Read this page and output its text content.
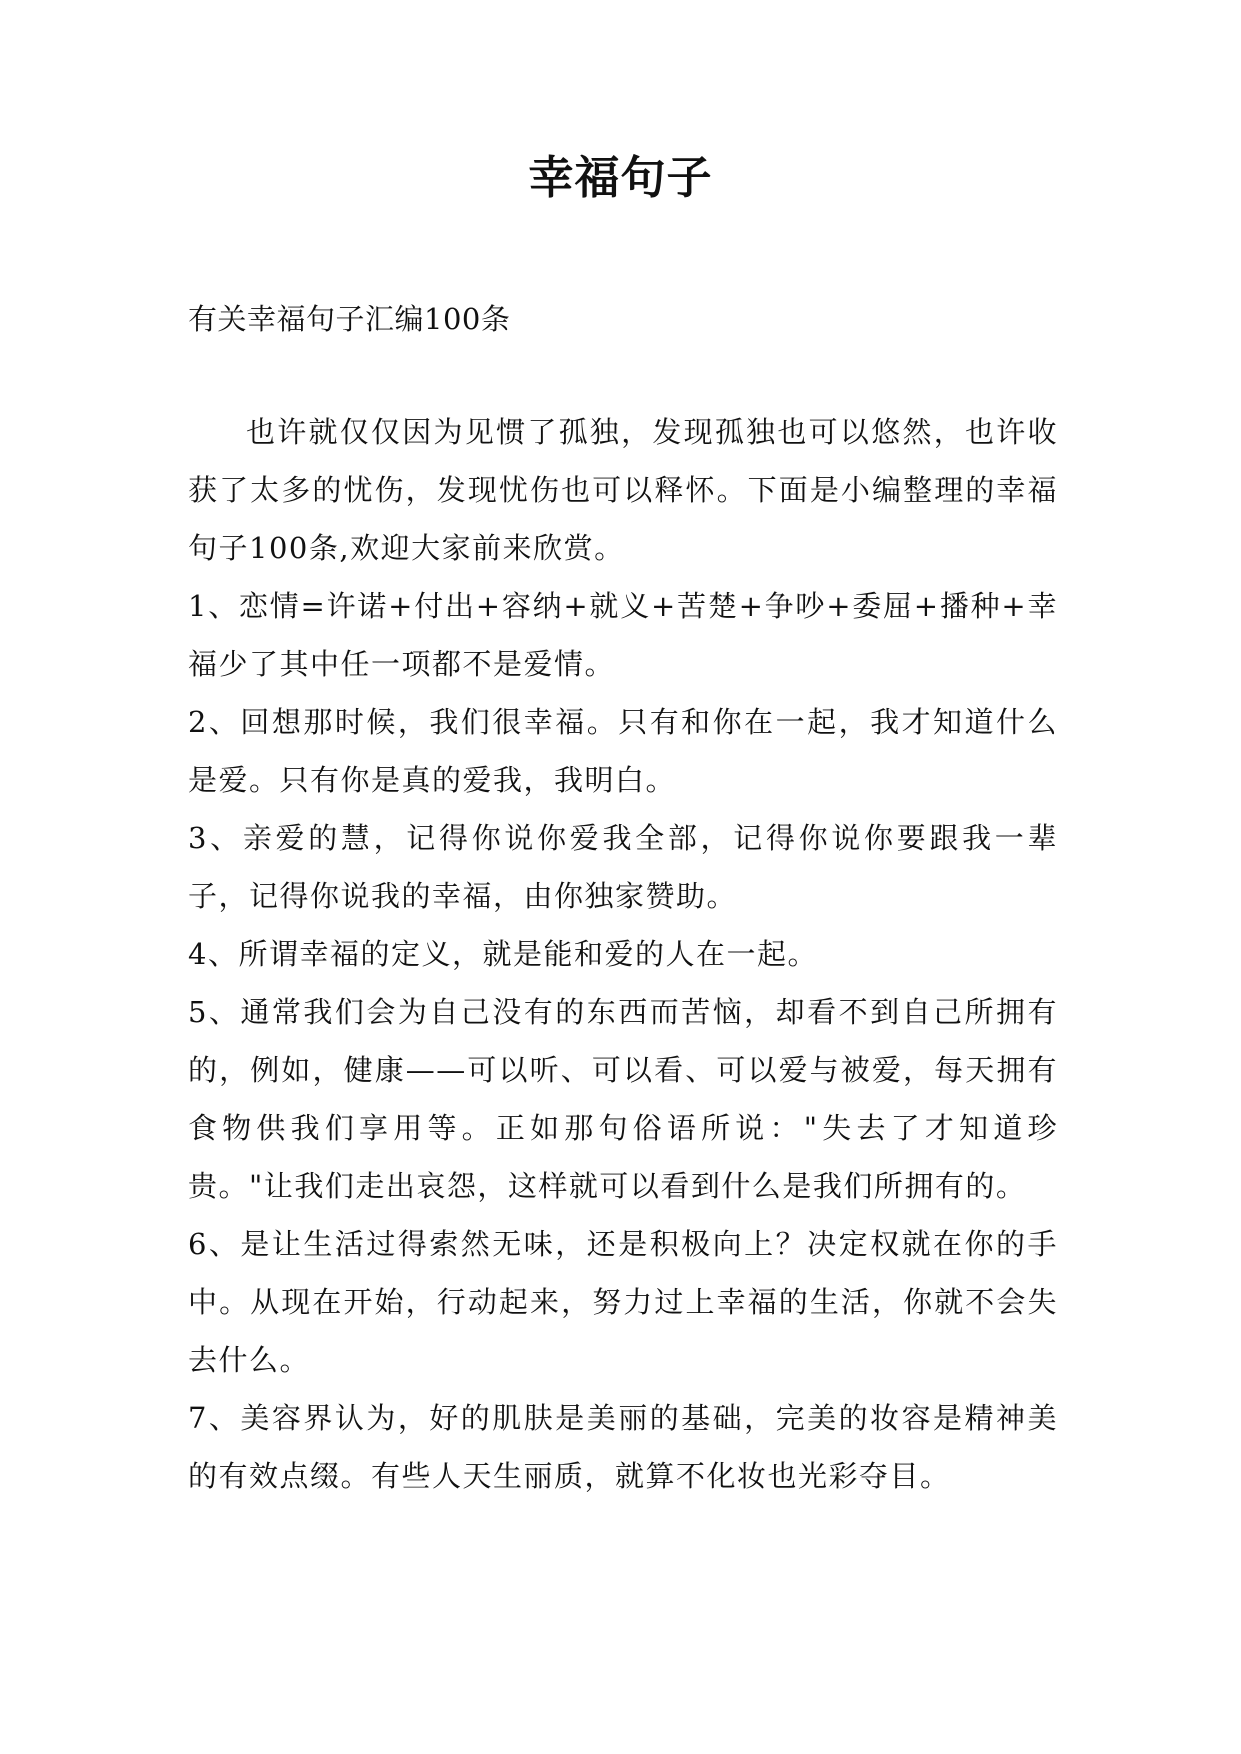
幸福句子

有关幸福句子汇编100条

也许就仅仅因为见惯了孤独，发现孤独也可以悠然，也许收获了太多的忧伤，发现忧伤也可以释怀。下面是小编整理的幸福句子100条,欢迎大家前来欣赏。

1、恋情=许诺+付出+容纳+就义+苦楚+争吵+委屈+播种+幸福少了其中任一项都不是爱情。

2、回想那时候，我们很幸福。只有和你在一起，我才知道什么是爱。只有你是真的爱我，我明白。

3、亲爱的慧，记得你说你爱我全部，记得你说你要跟我一辈子，记得你说我的幸福，由你独家赞助。

4、所谓幸福的定义，就是能和爱的人在一起。

5、通常我们会为自己没有的东西而苦恼，却看不到自己所拥有的，例如，健康——可以听、可以看、可以爱与被爱，每天拥有食物供我们享用等。正如那句俗语所说："失去了才知道珍贵。"让我们走出哀怨，这样就可以看到什么是我们所拥有的。

6、是让生活过得索然无味，还是积极向上？决定权就在你的手中。从现在开始，行动起来，努力过上幸福的生活，你就不会失去什么。

7、美容界认为，好的肌肤是美丽的基础，完美的妆容是精神美的有效点缀。有些人天生丽质，就算不化妆也光彩夺目。
